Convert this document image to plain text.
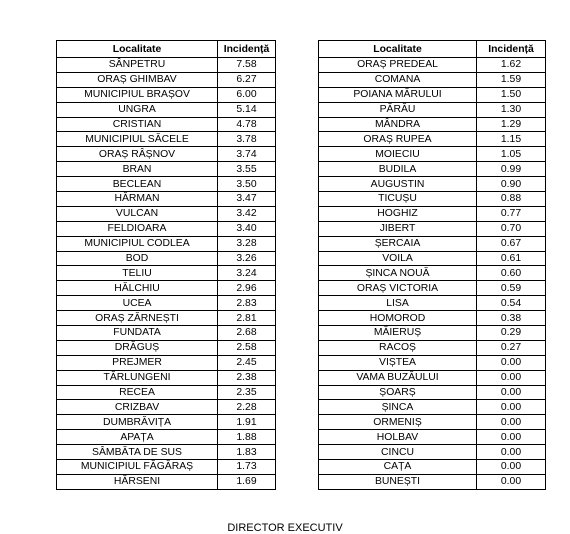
Localitate	Incidență
SÂNPETRU	7.58
ORAȘ GHIMBAV	6.27
MUNICIPIUL BRAȘOV	6.00
UNGRA	5.14
CRISTIAN	4.78
MUNICIPIUL SĂCELE	3.78
ORAȘ RÂȘNOV	3.74
BRAN	3.55
BECLEAN	3.50
HĂRMAN	3.47
VULCAN	3.42
FELDIOARA	3.40
MUNICIPIUL CODLEA	3.28
BOD	3.26
TELIU	3.24
HĂLCHIU	2.96
UCEA	2.83
ORAȘ ZĂRNEȘTI	2.81
FUNDATA	2.68
DRĂGUȘ	2.58
PREJMER	2.45
TĂRLUNGENI	2.38
RECEA	2.35
CRIZBAV	2.28
DUMBRĂVIȚA	1.91
APAȚA	1.88
SÂMBĂTA DE SUS	1.83
MUNICIPIUL FĂGĂRAȘ	1.73
HĂRSENI	1.69
Localitate	Incidență
ORAȘ PREDEAL	1.62
COMANA	1.59
POIANA MĂRULUI	1.50
PĂRĂU	1.30
MÂNDRA	1.29
ORAȘ RUPEA	1.15
MOIECIU	1.05
BUDILA	0.99
AUGUSTIN	0.90
TICUȘU	0.88
HOGHIZ	0.77
JIBERT	0.70
ȘERCAIA	0.67
VOILA	0.61
ȘINCA NOUĂ	0.60
ORAȘ VICTORIA	0.59
LISA	0.54
HOMOROD	0.38
MĂIERUȘ	0.29
RACOȘ	0.27
VIȘTEA	0.00
VAMA BUZĂULUI	0.00
ȘOARȘ	0.00
ȘINCA	0.00
ORMENIȘ	0.00
HOLBAV	0.00
CINCU	0.00
CAȚA	0.00
BUNEȘTI	0.00
DIRECTOR EXECUTIV
